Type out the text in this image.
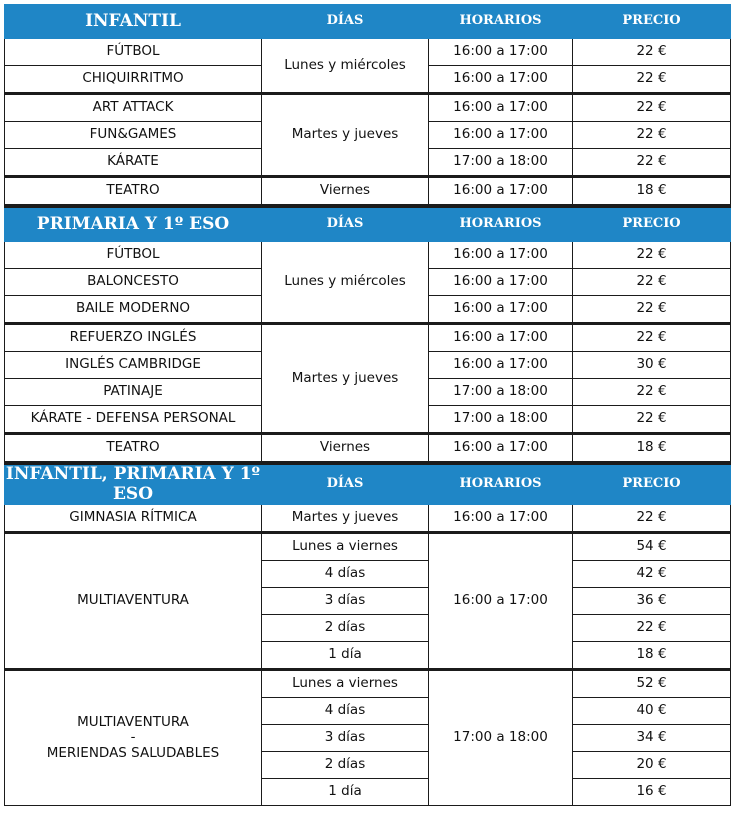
INFANTIL	DÍAS	HORARIOS	PRECIO
FÚTBOL	Lunes y miércoles	16:00 a 17:00	22 €
CHIQUIRRITMO		16:00 a 17:00	22 €
ART ATTACK	Martes y jueves	16:00 a 17:00	22 €
FUN&GAMES		16:00 a 17:00	22 €
KÁRATE		17:00 a 18:00	22 €
TEATRO	Viernes	16:00 a 17:00	18 €
PRIMARIA Y 1º ESO	DÍAS	HORARIOS	PRECIO
FÚTBOL	Lunes y miércoles	16:00 a 17:00	22 €
BALONCESTO		16:00 a 17:00	22 €
BAILE MODERNO		16:00 a 17:00	22 €
REFUERZO INGLÉS	Martes y jueves	16:00 a 17:00	22 €
INGLÉS CAMBRIDGE		16:00 a 17:00	30 €
PATINAJE		17:00 a 18:00	22 €
KÁRATE - DEFENSA PERSONAL		17:00 a 18:00	22 €
TEATRO	Viernes	16:00 a 17:00	18 €
INFANTIL, PRIMARIA Y 1º ESO	DÍAS	HORARIOS	PRECIO
GIMNASIA RÍTMICA	Martes y jueves	16:00 a 17:00	22 €
MULTIAVENTURA	Lunes a viernes	16:00 a 17:00	54 €
	4 días		42 €
	3 días		36 €
	2 días		22 €
	1 día		18 €

MULTIAVENTURA
-
MERIENDAS SALUDABLES	Lunes a viernes	17:00 a 18:00	52 €
	4 días		40 €
	3 días		34 €
	2 días		20 €
	1 día		16 €
